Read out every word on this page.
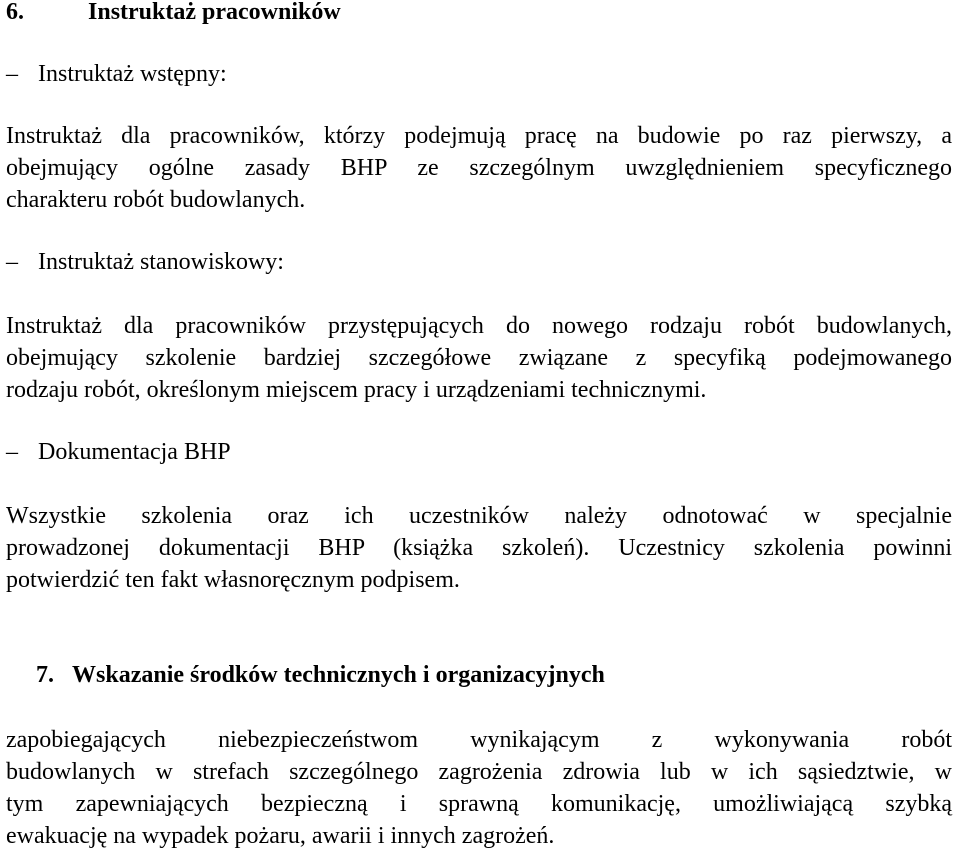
6.	Instruktaż pracowników
– Instruktaż wstępny:
Instruktaż dla pracowników, którzy podejmują pracę na budowie po raz pierwszy, a
obejmujący ogólne zasady BHP ze szczególnym uwzględnieniem specyficznego
charakteru robót budowlanych.
– Instruktaż stanowiskowy:
Instruktaż dla pracowników przystępujących do nowego rodzaju robót budowlanych,
obejmujący szkolenie bardziej szczegółowe związane z specyfiką podejmowanego
rodzaju robót, określonym miejscem pracy i urządzeniami technicznymi.
– Dokumentacja BHP
Wszystkie szkolenia oraz ich uczestników należy odnotować w specjalnie
prowadzonej dokumentacji BHP (książka szkoleń). Uczestnicy szkolenia powinni
potwierdzić ten fakt własnoręcznym podpisem.
7. Wskazanie środków technicznych i organizacyjnych
zapobiegających niebezpieczeństwom wynikającym z wykonywania robót
budowlanych w strefach szczególnego zagrożenia zdrowia lub w ich sąsiedztwie, w
tym zapewniających bezpieczną i sprawną komunikację, umożliwiającą szybką
ewakuację na wypadek pożaru, awarii i innych zagrożeń.
